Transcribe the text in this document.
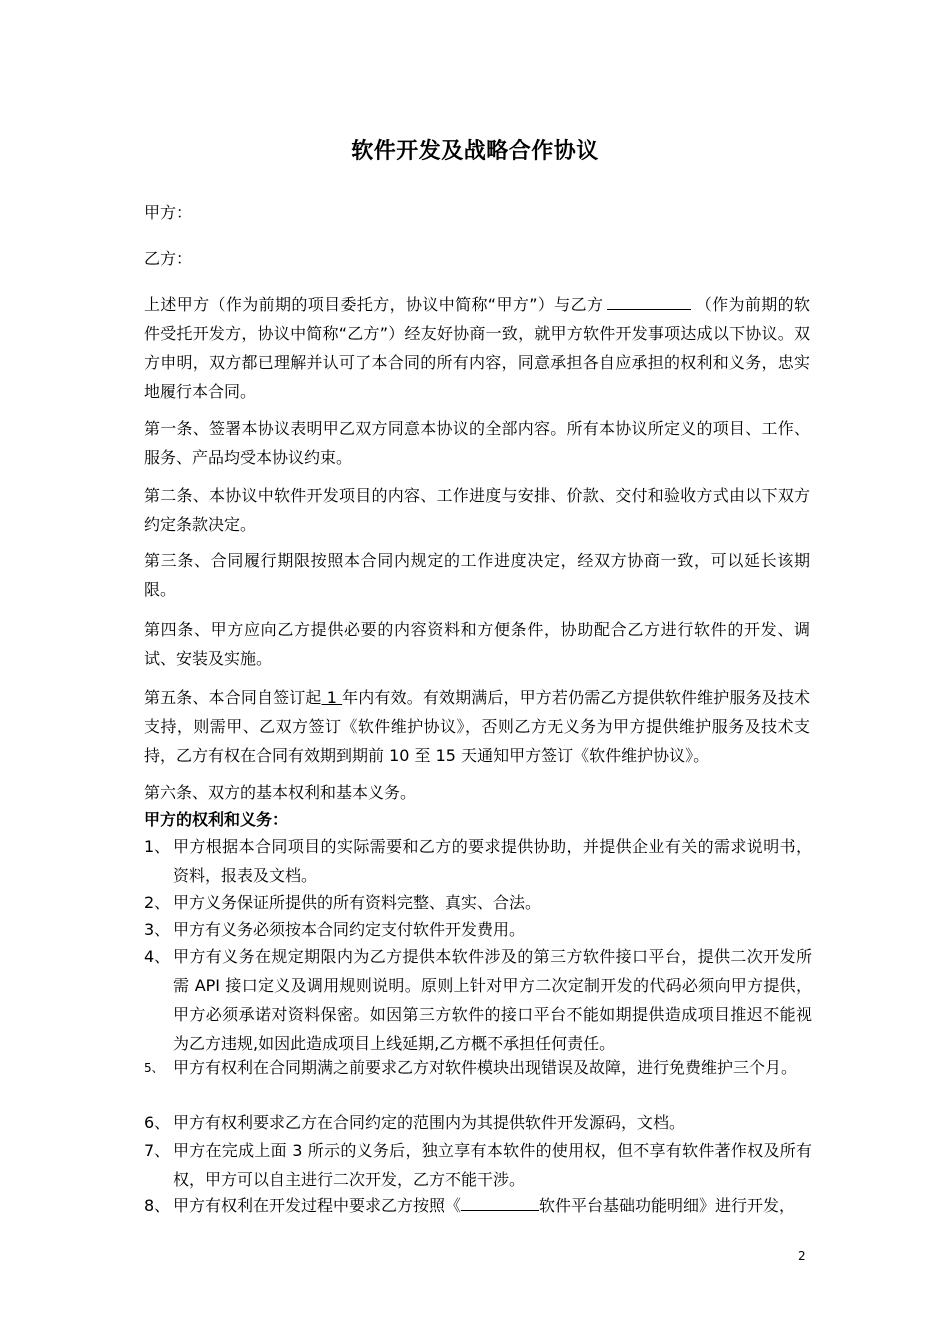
软件开发及战略合作协议

甲方：

乙方：

上述甲方（作为前期的项目委托方，协议中简称“甲方”）与乙方	（作为前期的软件受托开发方，协议中简称“乙方”）经友好协商一致，就甲方软件开发事项达成以下协议。双方申明，双方都已理解并认可了本合同的所有内容，同意承担各自应承担的权利和义务，忠实地履行本合同。

第一条、签署本协议表明甲乙双方同意本协议的全部内容。所有本协议所定义的项目、工作、服务、产品均受本协议约束。

第二条、本协议中软件开发项目的内容、工作进度与安排、价款、交付和验收方式由以下双方约定条款决定。

第三条、合同履行期限按照本合同内规定的工作进度决定，经双方协商一致，可以延长该期限。

第四条、甲方应向乙方提供必要的内容资料和方便条件，协助配合乙方进行软件的开发、调试、安装及实施。

第五条、本合同自签订起 1 年内有效。有效期满后，甲方若仍需乙方提供软件维护服务及技术支持，则需甲、乙双方签订《软件维护协议》，否则乙方无义务为甲方提供维护服务及技术支持，乙方有权在合同有效期到期前 10 至 15 天通知甲方签订《软件维护协议》。

第六条、双方的基本权利和基本义务。

甲方的权利和义务：

1、 甲方根据本合同项目的实际需要和乙方的要求提供协助，并提供企业有关的需求说明书，资料，报表及文档。
2、 甲方义务保证所提供的所有资料完整、真实、合法。
3、 甲方有义务必须按本合同约定支付软件开发费用。
4、 甲方有义务在规定期限内为乙方提供本软件涉及的第三方软件接口平台，提供二次开发所需 API 接口定义及调用规则说明。原则上针对甲方二次定制开发的代码必须向甲方提供，甲方必须承诺对资料保密。如因第三方软件的接口平台不能如期提供造成项目推迟不能视为乙方违规,如因此造成项目上线延期,乙方概不承担任何责任。
5、 甲方有权利在合同期满之前要求乙方对软件模块出现错误及故障，进行免费维护三个月。
6、 甲方有权利要求乙方在合同约定的范围内为其提供软件开发源码，文档。
7、 甲方在完成上面 3 所示的义务后，独立享有本软件的使用权，但不享有软件著作权及所有权，甲方可以自主进行二次开发，乙方不能干涉。
8、 甲方有权利在开发过程中要求乙方按照《	软件平台基础功能明细》进行开发，
2
